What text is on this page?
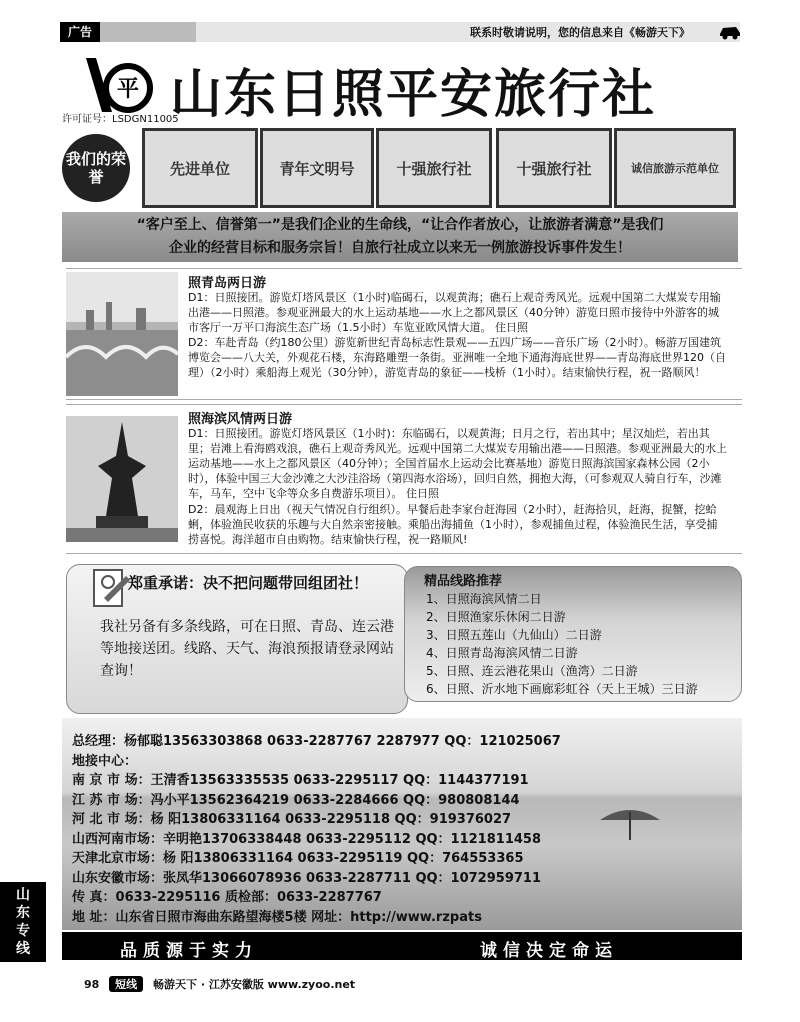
广告	联系时敬请说明，您的信息来自《畅游天下》
平
许可证号：LSDGN11005
山东日照平安旅行社
我们的荣誉	先进单位	青年文明号	十强旅行社	十强旅行社	诚信旅游示范单位
“客户至上、信誉第一”是我们企业的生命线，“让合作者放心，让旅游者满意”是我们
企业的经营目标和服务宗旨！自旅行社成立以来无一例旅游投诉事件发生！
照青岛两日游
D1：日照接团。游览灯塔风景区（1小时)临碣石，以观黄海；礁石上观奇秀风光。远观中国第二大煤炭专用输出港——日照港。参观亚洲最大的水上运动基地——水上之都风景区（40分钟）游览日照市接待中外游客的城市客厅一万平口海滨生态广场（1.5小时）车览亚欧风情大道。 住日照
D2：车赴青岛（约180公里）游览新世纪青岛标志性景观——五四广场——音乐广场（2小时）。畅游万国建筑博览会——八大关，外观花石楼，东海路雕塑一条街。亚洲唯一全地下通海海底世界——青岛海底世界120（自理）（2小时）乘船海上观光（30分钟），游览青岛的象征——栈桥（1小时）。结束愉快行程，祝一路顺风！
照海滨风情两日游
D1：日照接团。游览灯塔风景区（1小时)：东临碣石，以观黄海；日月之行，若出其中；星汉灿烂，若出其里；岩滩上看海鸥戏浪，礁石上观奇秀风光。远观中国第二大煤炭专用输出港——日照港。参观亚洲最大的水上运动基地——水上之都风景区（40分钟）；全国首届水上运动会比赛基地）游览日照海滨国家森林公园（2小时），体验中国三大金沙滩之大沙洼浴场（第四海水浴场），回归自然，拥抱大海，（可参观双人骑自行车，沙滩车，马车，空中飞伞等众多自费游乐项目）。 住日照
D2：晨观海上日出（视天气情况自行组织）。早餐后赴李家台赶海园（2小时），赶海拾贝，赶海，捉蟹，挖蛤蜊，体验渔民收获的乐趣与大自然亲密接触。乘船出海捕鱼（1小时），参观捕鱼过程，体验渔民生活，享受捕捞喜悦。海洋超市自由购物。结束愉快行程，祝一路顺风!
郑重承诺：决不把问题带回组团社！
我社另备有多条线路，可在日照、青岛、连云港等地接送团。线路、天气、海浪预报请登录网站查询！
精品线路推荐
1、日照海滨风情二日
2、日照渔家乐休闲二日游
3、日照五莲山（九仙山）二日游
4、日照青岛海滨风情二日游
5、日照、连云港花果山（渔湾）二日游
6、日照、沂水地下画廊彩虹谷（天上王城）三日游
总经理：杨郁聪13563303868 0633-2287767 2287977 QQ：121025067
地接中心：
南 京 市 场：王清香13563335535 0633-2295117 QQ：1144377191
江 苏 市 场：冯小平13562364219 0633-2284666 QQ：980808144
河 北 市 场：杨 阳13806331164 0633-2295118 QQ：919376027
山西河南市场：辛明艳13706338448 0633-2295112 QQ：1121811458
天津北京市场：杨 阳13806331164 0633-2295119 QQ：764553365
山东安徽市场：张凤华13066078936 0633-2287711 QQ：1072959711
传 真：0633-2295116 质检部：0633-2287767
地 址：山东省日照市海曲东路望海楼5楼 网址：http://www.rzpats
品质源于实力	诚信决定命运
山东专线
98 短线 畅游天下 · 江苏安徽版 www.zyoo.net
